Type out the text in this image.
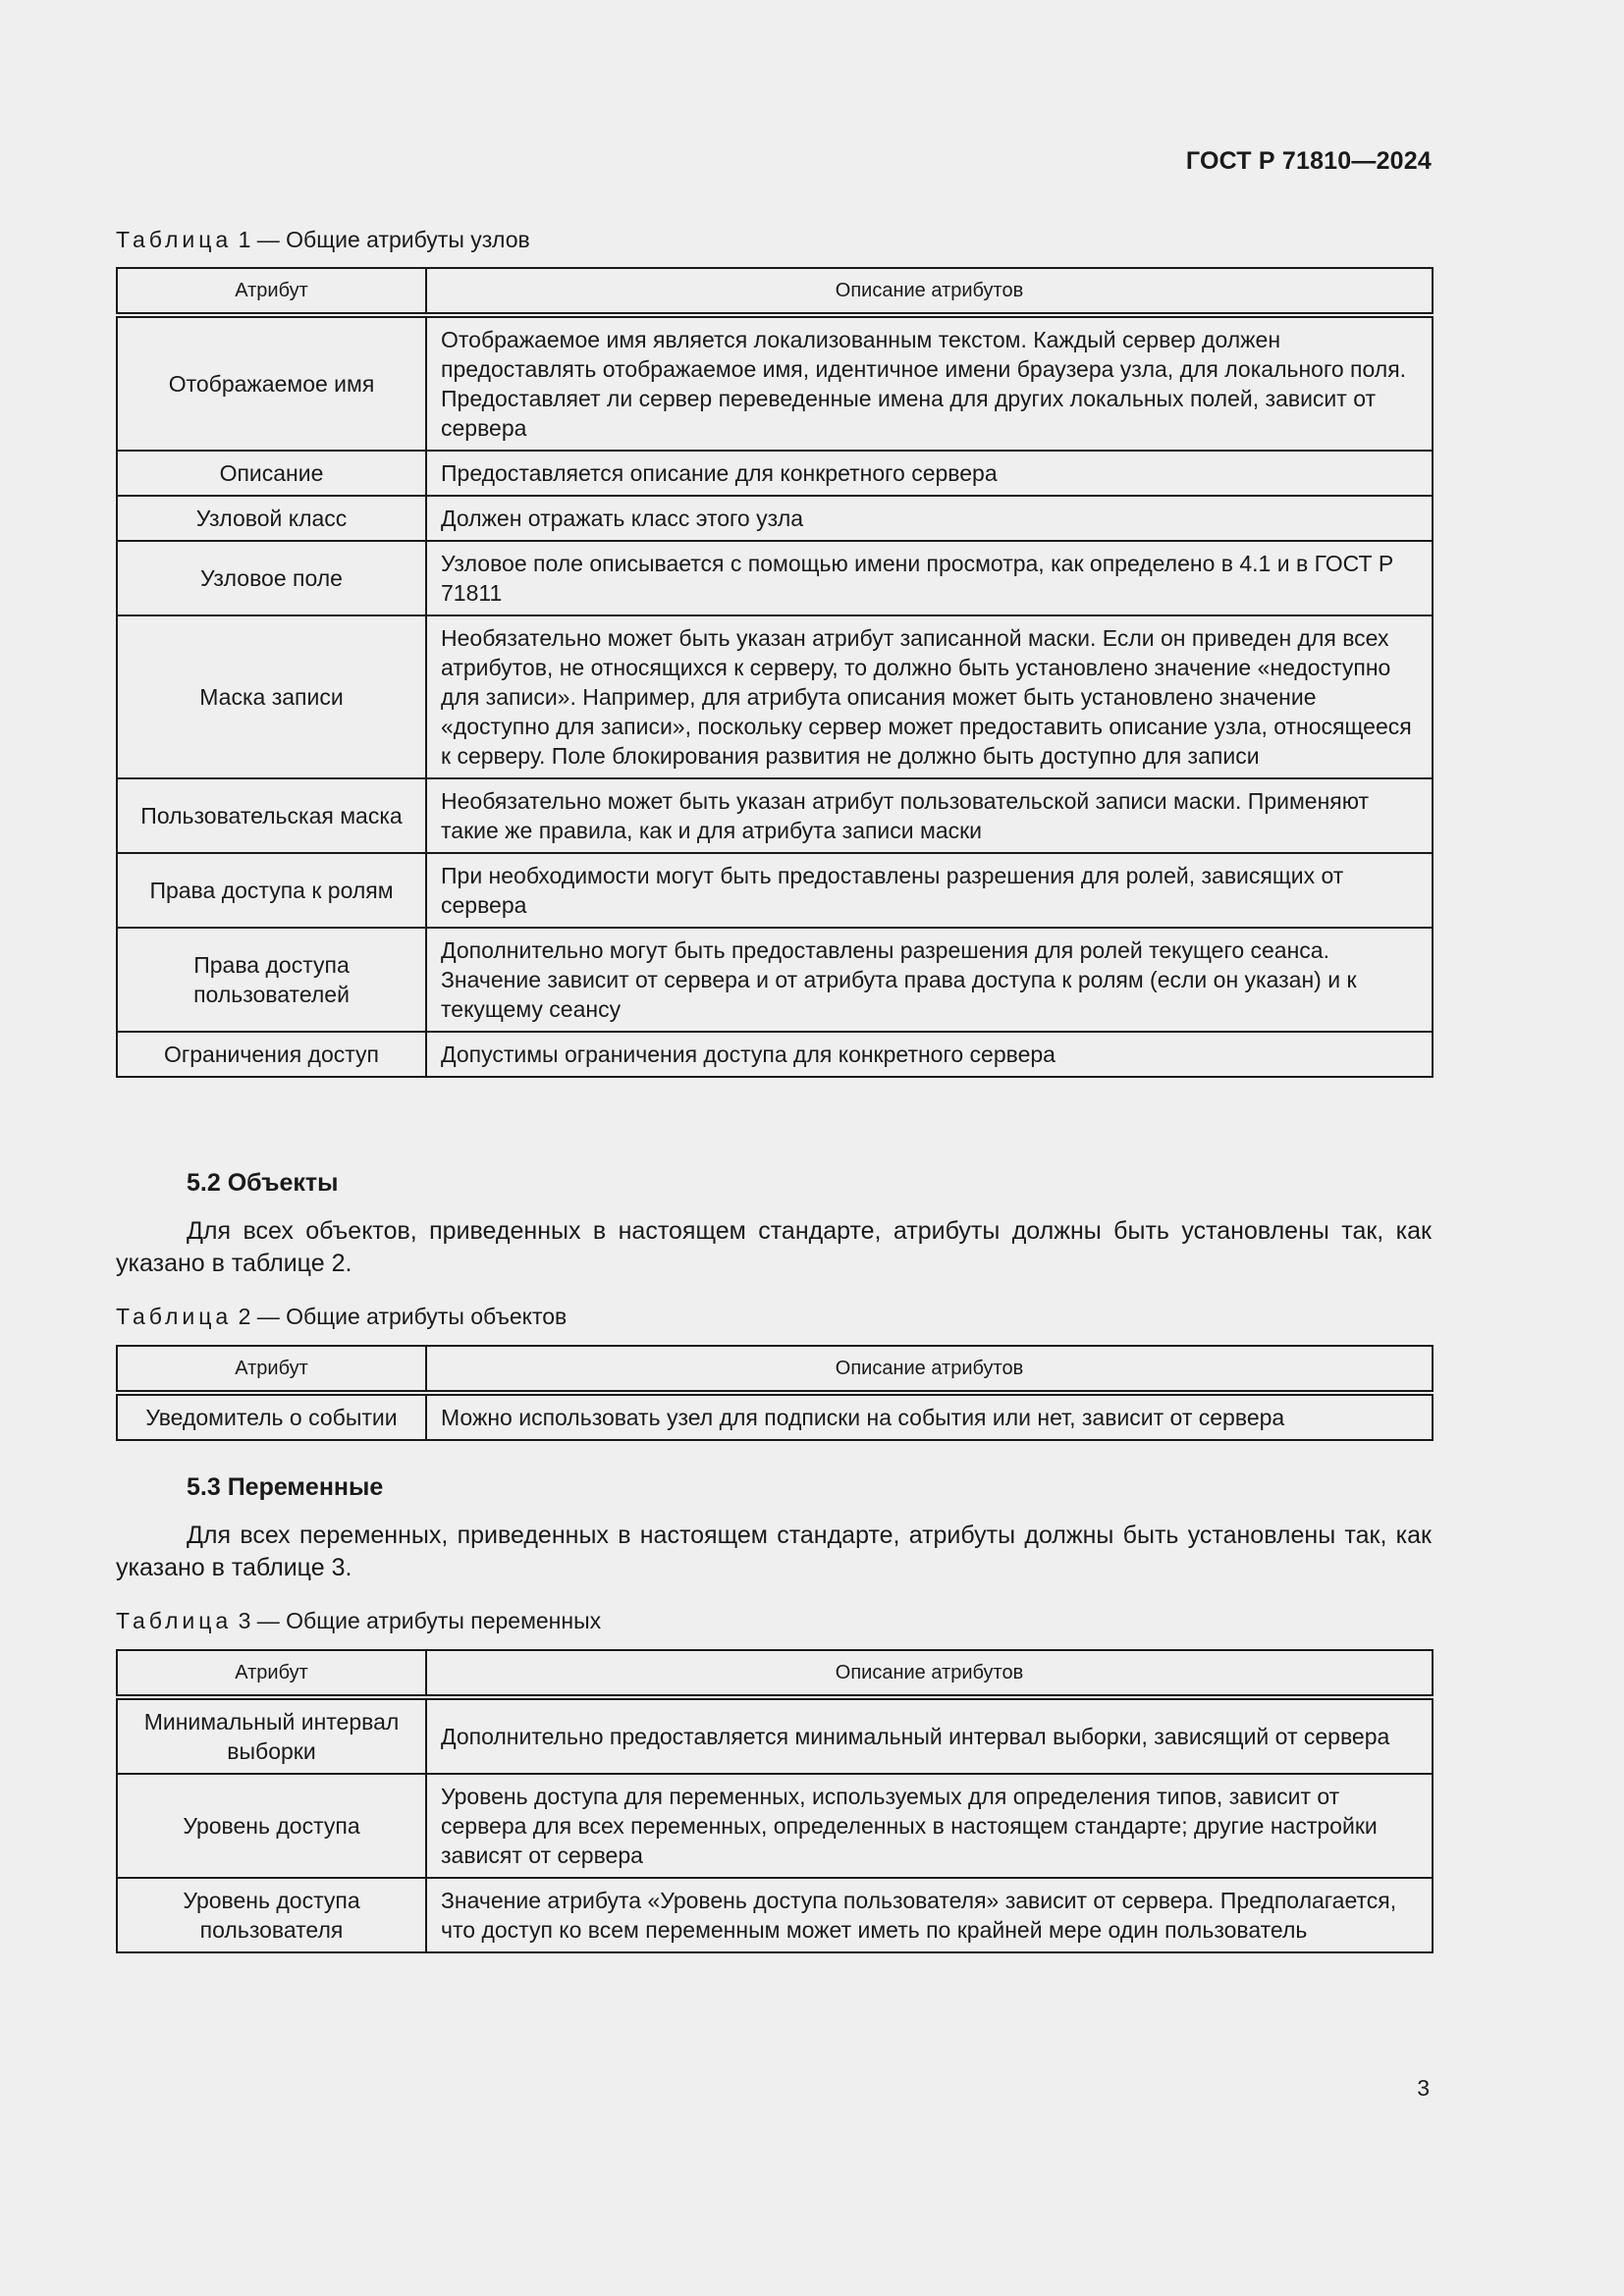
ГОСТ Р 71810—2024
Таблица 1 — Общие атрибуты узлов
Атрибут	Описание атрибутов
Отображаемое имя	Отображаемое имя является локализованным текстом. Каждый сервер должен предоставлять отображаемое имя, идентичное имени браузера узла, для локального поля. Предоставляет ли сервер переведенные имена для других локальных полей, зависит от сервера
Описание	Предоставляется описание для конкретного сервера
Узловой класс	Должен отражать класс этого узла
Узловое поле	Узловое поле описывается с помощью имени просмотра, как определено в 4.1 и в ГОСТ Р 71811
Маска записи	Необязательно может быть указан атрибут записанной маски. Если он приведен для всех атрибутов, не относящихся к серверу, то должно быть установлено значение «недоступно для записи». Например, для атрибута описания может быть установлено значение «доступно для записи», поскольку сервер может предоставить описание узла, относящееся к серверу. Поле блокирования развития не должно быть доступно для записи
Пользовательская маска	Необязательно может быть указан атрибут пользовательской записи маски. Применяют такие же правила, как и для атрибута записи маски
Права доступа к ролям	При необходимости могут быть предоставлены разрешения для ролей, зависящих от сервера
Права доступа пользователей	Дополнительно могут быть предоставлены разрешения для ролей текущего сеанса. Значение зависит от сервера и от атрибута права доступа к ролям (если он указан) и к текущему сеансу
Ограничения доступ	Допустимы ограничения доступа для конкретного сервера
5.2 Объекты

Для всех объектов, приведенных в настоящем стандарте, атрибуты должны быть установлены так, как указано в таблице 2.

Таблица 2 — Общие атрибуты объектов
Атрибут	Описание атрибутов
Уведомитель о событии	Можно использовать узел для подписки на события или нет, зависит от сервера
5.3 Переменные

Для всех переменных, приведенных в настоящем стандарте, атрибуты должны быть установлены так, как указано в таблице 3.

Таблица 3 — Общие атрибуты переменных
Атрибут	Описание атрибутов
Минимальный интервал выборки	Дополнительно предоставляется минимальный интервал выборки, зависящий от сервера
Уровень доступа	Уровень доступа для переменных, используемых для определения типов, зависит от сервера для всех переменных, определенных в настоящем стандарте; другие настройки зависят от сервера
Уровень доступа пользователя	Значение атрибута «Уровень доступа пользователя» зависит от сервера. Предполагается, что доступ ко всем переменным может иметь по крайней мере один пользователь
3
